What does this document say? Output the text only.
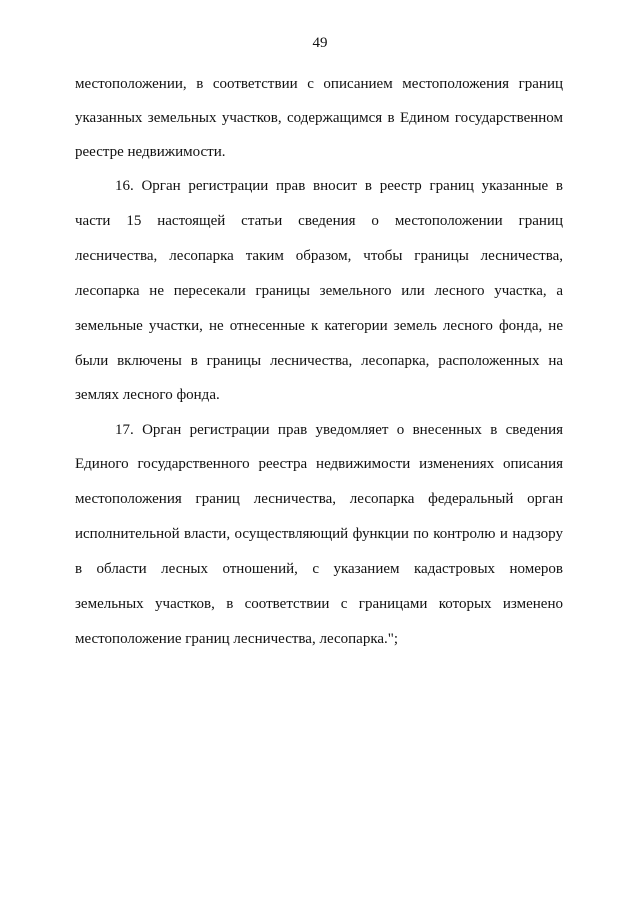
49
местоположении, в соответствии с описанием местоположения границ
указанных земельных участков, содержащимся в Едином государственном
реестре недвижимости.
16. Орган регистрации прав вносит в реестр границ указанные в
части 15 настоящей статьи сведения о местоположении границ
лесничества, лесопарка таким образом, чтобы границы лесничества,
лесопарка не пересекали границы земельного или лесного участка, а
земельные участки, не отнесенные к категории земель лесного фонда, не
были включены в границы лесничества, лесопарка, расположенных на
землях лесного фонда.
17. Орган регистрации прав уведомляет о внесенных в сведения
Единого государственного реестра недвижимости изменениях описания
местоположения границ лесничества, лесопарка федеральный орган
исполнительной власти, осуществляющий функции по контролю и надзору
в области лесных отношений, с указанием кадастровых номеров
земельных участков, в соответствии с границами которых изменено
местоположение границ лесничества, лесопарка.";
